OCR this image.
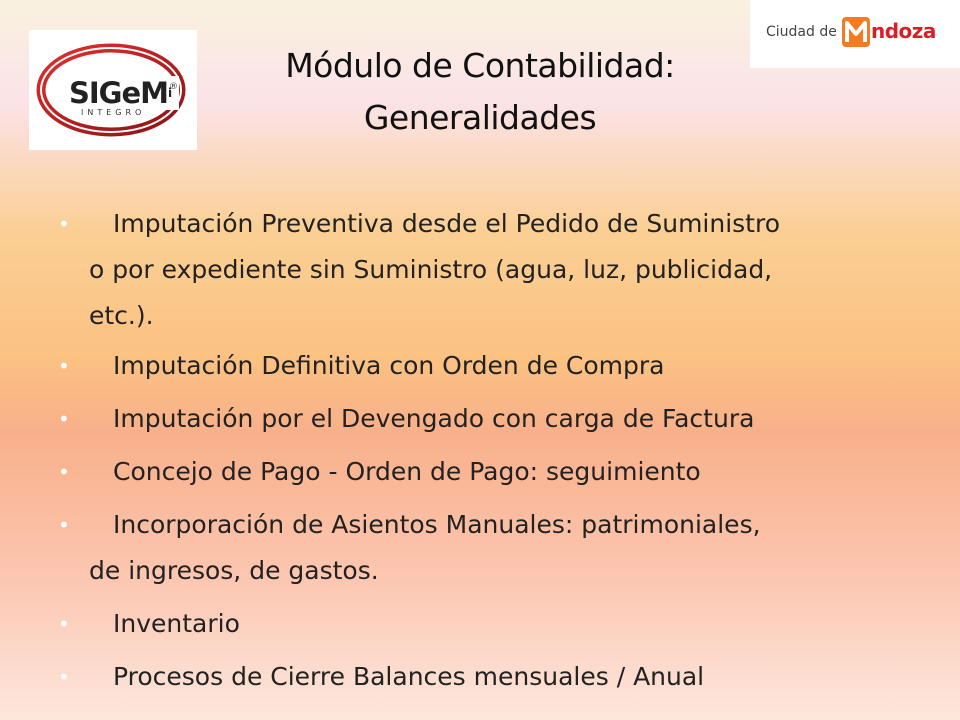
SIGeM$^i$
INTEGRO
®
Módulo de Contabilidad:
Generalidades
Ciudad de ndoza
• Imputación Preventiva desde el Pedido de Suministro
o por expediente sin Suministro (agua, luz, publicidad,
etc.).
• Imputación Definitiva con Orden de Compra
• Imputación por el Devengado con carga de Factura
• Concejo de Pago - Orden de Pago: seguimiento
• Incorporación de Asientos Manuales: patrimoniales,
de ingresos, de gastos.
• Inventario
• Procesos de Cierre Balances mensuales / Anual
